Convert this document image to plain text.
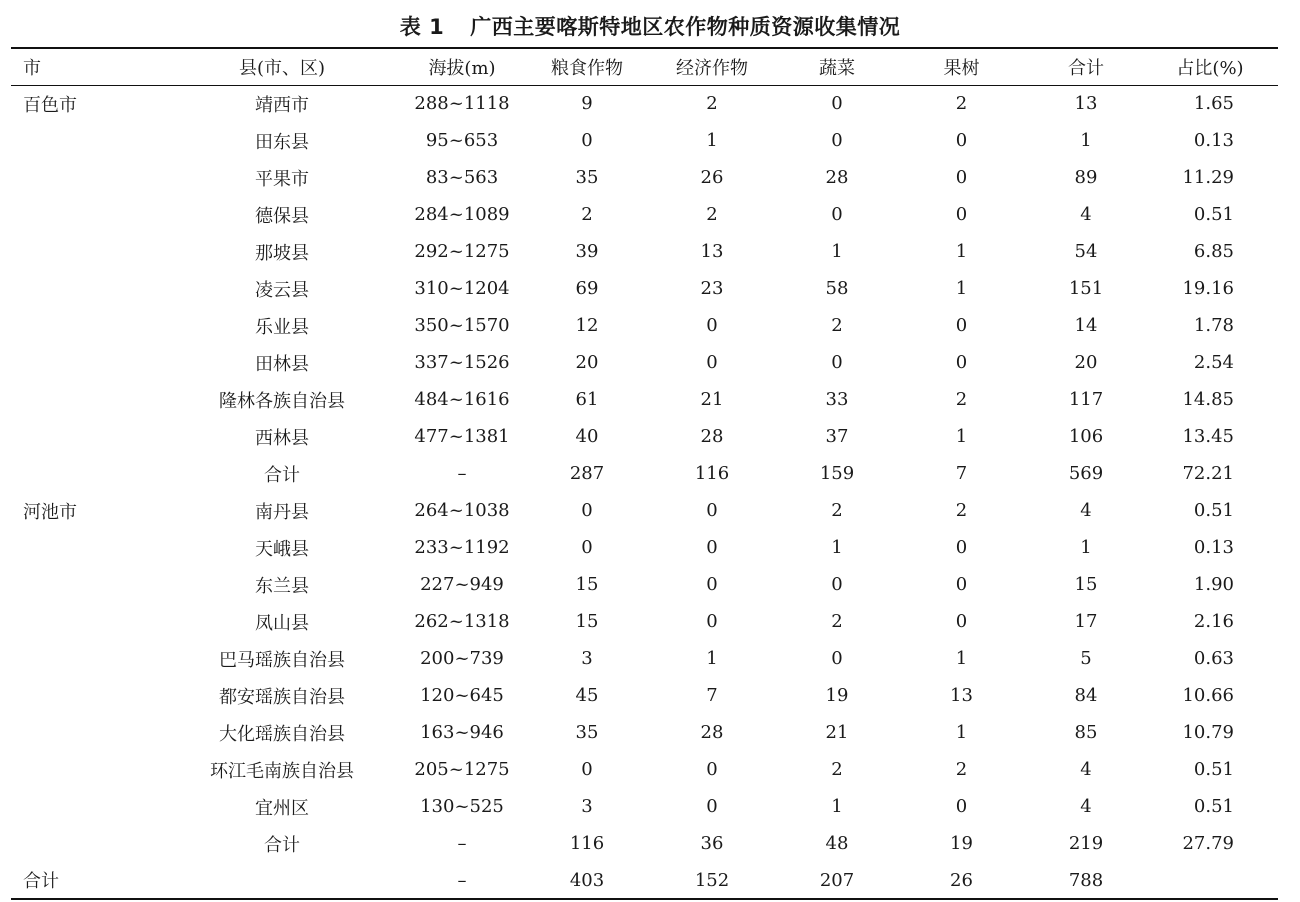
表 1 广西主要喀斯特地区农作物种质资源收集情况
市	县(市、区)	海拔(m)	粮食作物	经济作物	蔬菜	果树	合计	占比(%)
百色市	靖西市	288~1118	9	2	0	2	13	1.65
	田东县	95~653	0	1	0	0	1	0.13
	平果市	83~563	35	26	28	0	89	11.29
	德保县	284~1089	2	2	0	0	4	0.51
	那坡县	292~1275	39	13	1	1	54	6.85
	凌云县	310~1204	69	23	58	1	151	19.16
	乐业县	350~1570	12	0	2	0	14	1.78
	田林县	337~1526	20	0	0	0	20	2.54
	隆林各族自治县	484~1616	61	21	33	2	117	14.85
	西林县	477~1381	40	28	37	1	106	13.45
	合计	–	287	116	159	7	569	72.21
河池市	南丹县	264~1038	0	0	2	2	4	0.51
	天峨县	233~1192	0	0	1	0	1	0.13
	东兰县	227~949	15	0	0	0	15	1.90
	凤山县	262~1318	15	0	2	0	17	2.16
	巴马瑶族自治县	200~739	3	1	0	1	5	0.63
	都安瑶族自治县	120~645	45	7	19	13	84	10.66
	大化瑶族自治县	163~946	35	28	21	1	85	10.79
	环江毛南族自治县	205~1275	0	0	2	2	4	0.51
	宜州区	130~525	3	0	1	0	4	0.51
	合计	–	116	36	48	19	219	27.79
合计		–	403	152	207	26	788	
